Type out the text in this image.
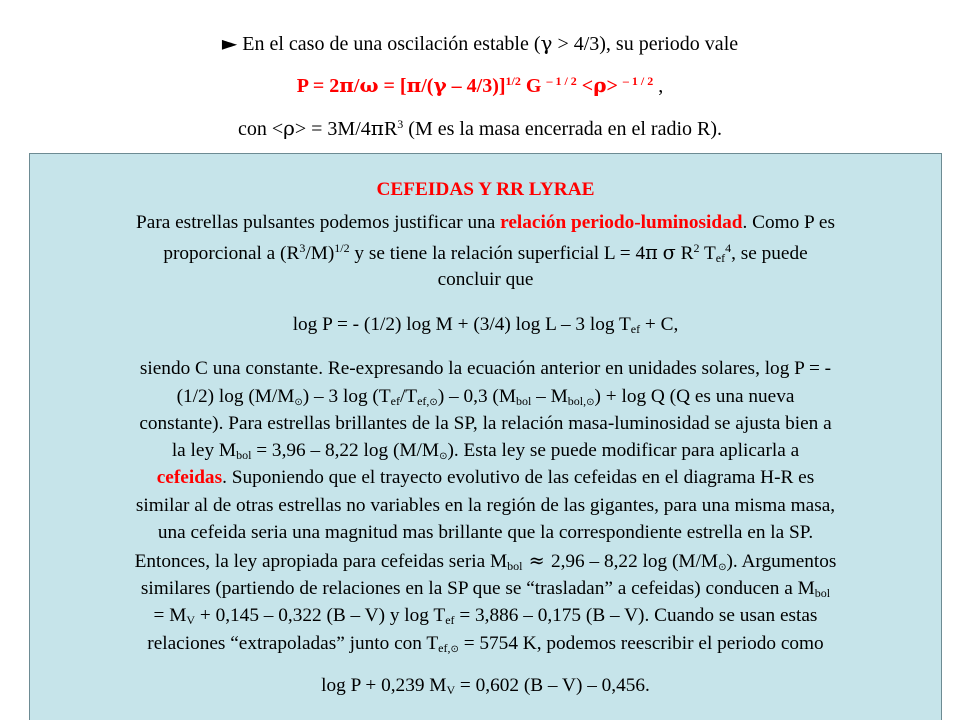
► En el caso de una oscilación estable (γ > 4/3), su periodo vale
P = 2π/ω = [π/(γ – 4/3)]$^{1/2}$ G $^{- 1 / 2}$ <ρ> $^{- 1 / 2}$ ,
con $<\rho> = 3M/4\pi R^3$ (M es la masa encerrada en el radio R).
CEFEIDAS Y RR LYRAE
Para estrellas pulsantes podemos justificar una relación periodo-luminosidad. Como P es
proporcional a $(R^3/M)^{1/2}$ y se tiene la relación superficial L = 4π σ $R^2$ $T_{ef}^4$, se puede
concluir que
log P = - (1/2) log M + (3/4) log L – 3 $\log T_{ef} + C$,
siendo C una constante. Re-expresando la ecuación anterior en unidades solares, log P = -
(1/2) $\log (M/M_⊙) - 3$ $\log (T_{ef}/T_{ef,⊙}) - 0,3$ $(M_{bol} - M_{bol,⊙}) + \log Q$ (Q es una nueva
constante). Para estrellas brillantes de la SP, la relación masa-luminosidad se ajusta bien a
la ley $M_{bol} = 3,96 - 8,22$ $\log (M/M_⊙)$. Esta ley se puede modificar para aplicarla a
cefeidas. Suponiendo que el trayecto evolutivo de las cefeidas en el diagrama H-R es
similar al de otras estrellas no variables en la región de las gigantes, para una misma masa,
una cefeida seria una magnitud mas brillante que la correspondiente estrella en la SP.
Entonces, la ley apropiada para cefeidas seria $M_{bol} \approx 2,96 - 8,22$ $\log (M/M_⊙)$. Argumentos
similares (partiendo de relaciones en la SP que se “trasladan” a cefeidas) conducen a $M_{bol}$
= $M_V + 0,145 - 0,322$ (B – V) y $\log T_{ef} = 3,886 - 0,175$ (B – V). Cuando se usan estas
relaciones “extrapoladas” junto con $T_{ef,⊙} = 5754$ K, podemos reescribir el periodo como
log P + 0,239 $M_V = 0,602$ (B – V) – 0,456.
